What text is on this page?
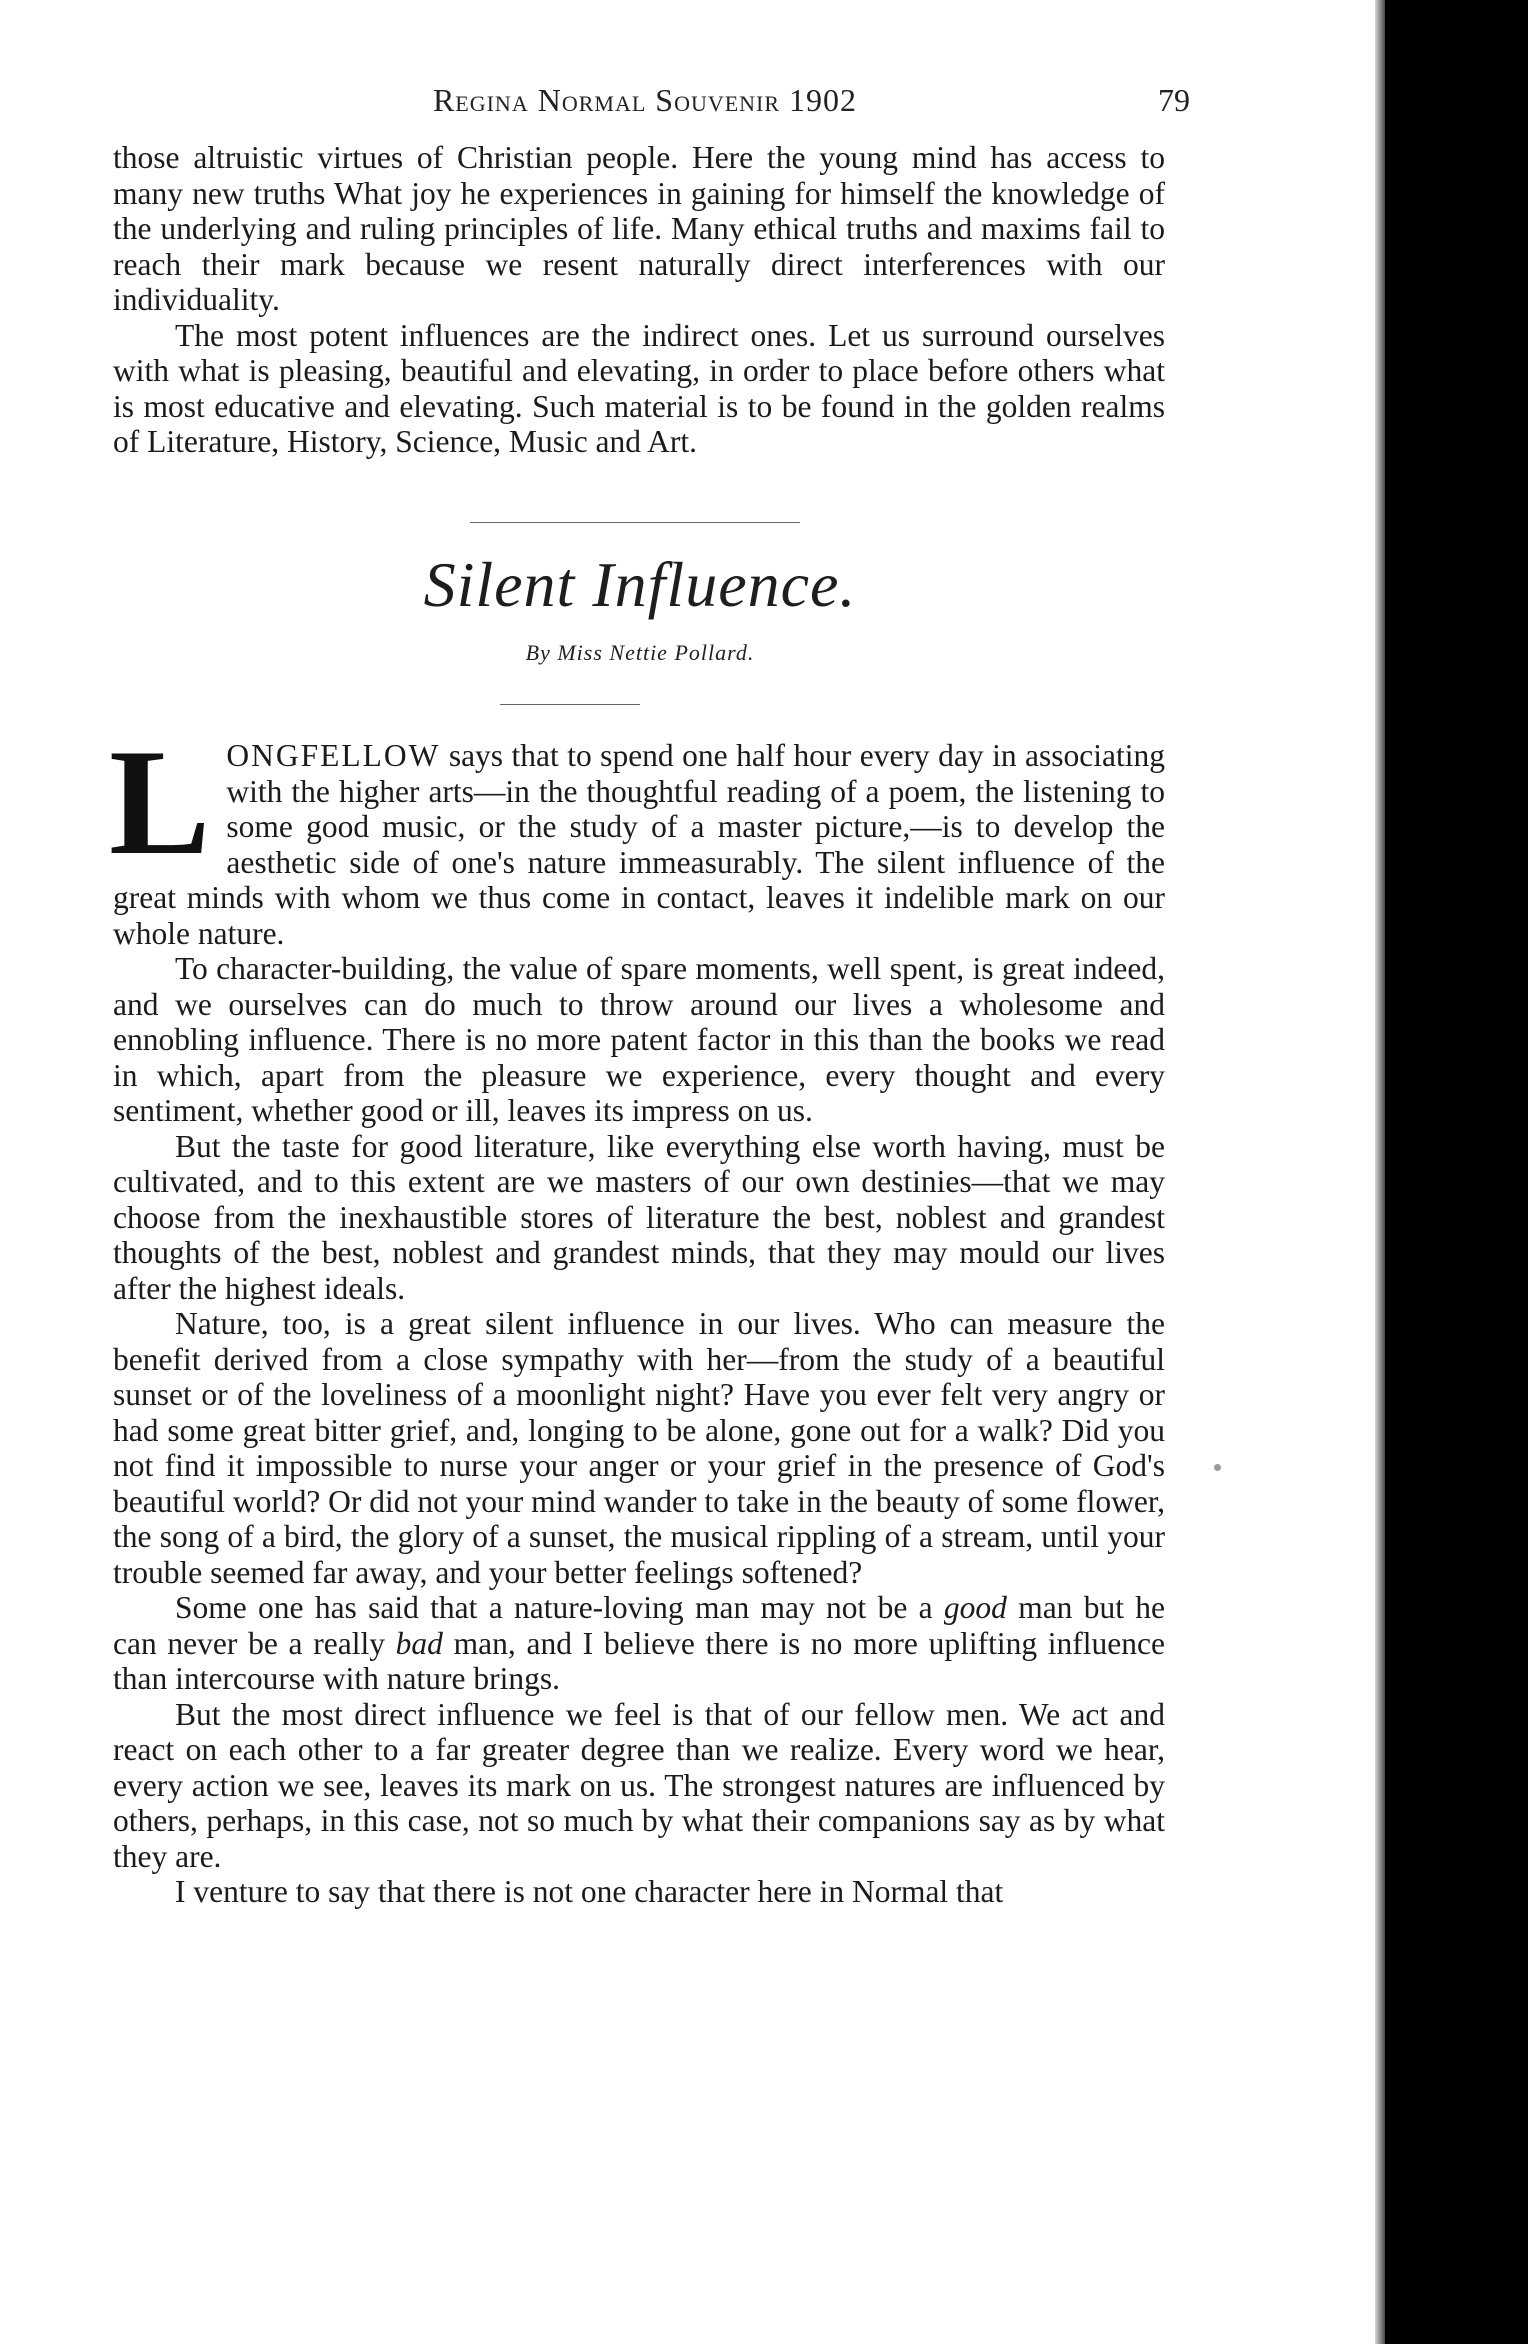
Regina Normal Souvenir 1902	79

those altruistic virtues of Christian people. Here the young mind has access to many new truths What joy he experiences in gaining for himself the knowledge of the underlying and ruling principles of life. Many ethical truths and maxims fail to reach their mark because we resent naturally direct interferences with our individuality.

The most potent influences are the indirect ones. Let us surround ourselves with what is pleasing, beautiful and elevating, in order to place before others what is most educative and elevating. Such material is to be found in the golden realms of Literature, History, Science, Music and Art.

Silent Influence.
By Miss Nettie Pollard.

LONGFELLOW says that to spend one half hour every day in associating with the higher arts—in the thoughtful reading of a poem, the listening to some good music, or the study of a master picture,—is to develop the aesthetic side of one's nature immeasurably. The silent influence of the great minds with whom we thus come in contact, leaves it indelible mark on our whole nature.

To character-building, the value of spare moments, well spent, is great indeed, and we ourselves can do much to throw around our lives a wholesome and ennobling influence. There is no more patent factor in this than the books we read in which, apart from the pleasure we experience, every thought and every sentiment, whether good or ill, leaves its impress on us.

But the taste for good literature, like everything else worth having, must be cultivated, and to this extent are we masters of our own destinies—that we may choose from the inexhaustible stores of literature the best, noblest and grandest thoughts of the best, noblest and grandest minds, that they may mould our lives after the highest ideals.

Nature, too, is a great silent influence in our lives. Who can measure the benefit derived from a close sympathy with her—from the study of a beautiful sunset or of the loveliness of a moonlight night? Have you ever felt very angry or had some great bitter grief, and, longing to be alone, gone out for a walk? Did you not find it impossible to nurse your anger or your grief in the presence of God's beautiful world? Or did not your mind wander to take in the beauty of some flower, the song of a bird, the glory of a sunset, the musical rippling of a stream, until your trouble seemed far away, and your better feelings softened?

Some one has said that a nature-loving man may not be a good man but he can never be a really bad man, and I believe there is no more uplifting influence than intercourse with nature brings.

But the most direct influence we feel is that of our fellow men. We act and react on each other to a far greater degree than we realize. Every word we hear, every action we see, leaves its mark on us. The strongest natures are influenced by others, perhaps, in this case, not so much by what their companions say as by what they are.

I venture to say that there is not one character here in Normal that
